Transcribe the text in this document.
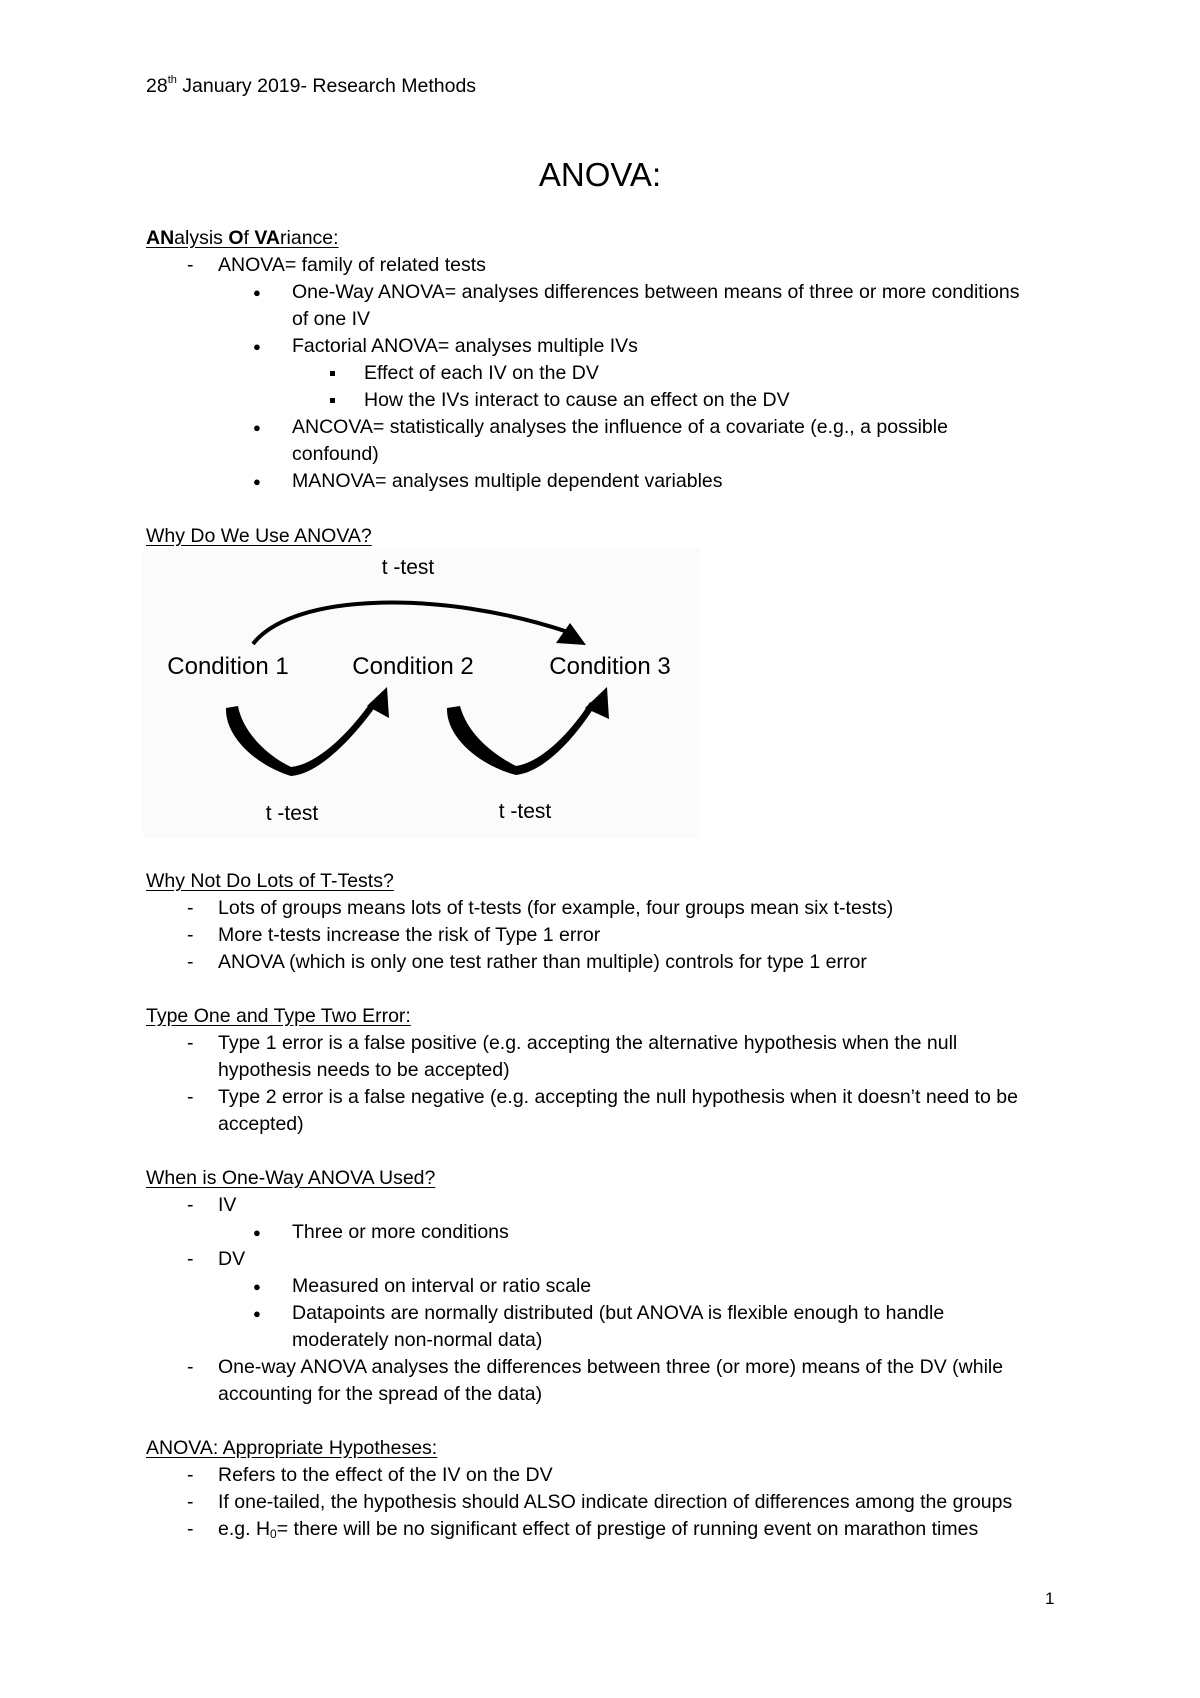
28th January 2019- Research Methods
ANOVA:
ANalysis Of VAriance:
- ANOVA= family of related tests
● One-Way ANOVA= analyses differences between means of three or more conditions
of one IV
● Factorial ANOVA= analyses multiple IVs
Effect of each IV on the DV
How the IVs interact to cause an effect on the DV
● ANCOVA= statistically analyses the influence of a covariate (e.g., a possible
confound)
● MANOVA= analyses multiple dependent variables
Why Do We Use ANOVA?
t -test
Condition 1	Condition 2	Condition 3
t -test	t -test
Why Not Do Lots of T-Tests?
- Lots of groups means lots of t-tests (for example, four groups mean six t-tests)
- More t-tests increase the risk of Type 1 error
- ANOVA (which is only one test rather than multiple) controls for type 1 error
Type One and Type Two Error:
- Type 1 error is a false positive (e.g. accepting the alternative hypothesis when the null
hypothesis needs to be accepted)
- Type 2 error is a false negative (e.g. accepting the null hypothesis when it doesn’t need to be
accepted)
When is One-Way ANOVA Used?
- IV
● Three or more conditions
- DV
● Measured on interval or ratio scale
● Datapoints are normally distributed (but ANOVA is flexible enough to handle
moderately non-normal data)
- One-way ANOVA analyses the differences between three (or more) means of the DV (while
accounting for the spread of the data)
ANOVA: Appropriate Hypotheses:
- Refers to the effect of the IV on the DV
- If one-tailed, the hypothesis should ALSO indicate direction of differences among the groups
- e.g. $H_0=$ there will be no significant effect of prestige of running event on marathon times
1
